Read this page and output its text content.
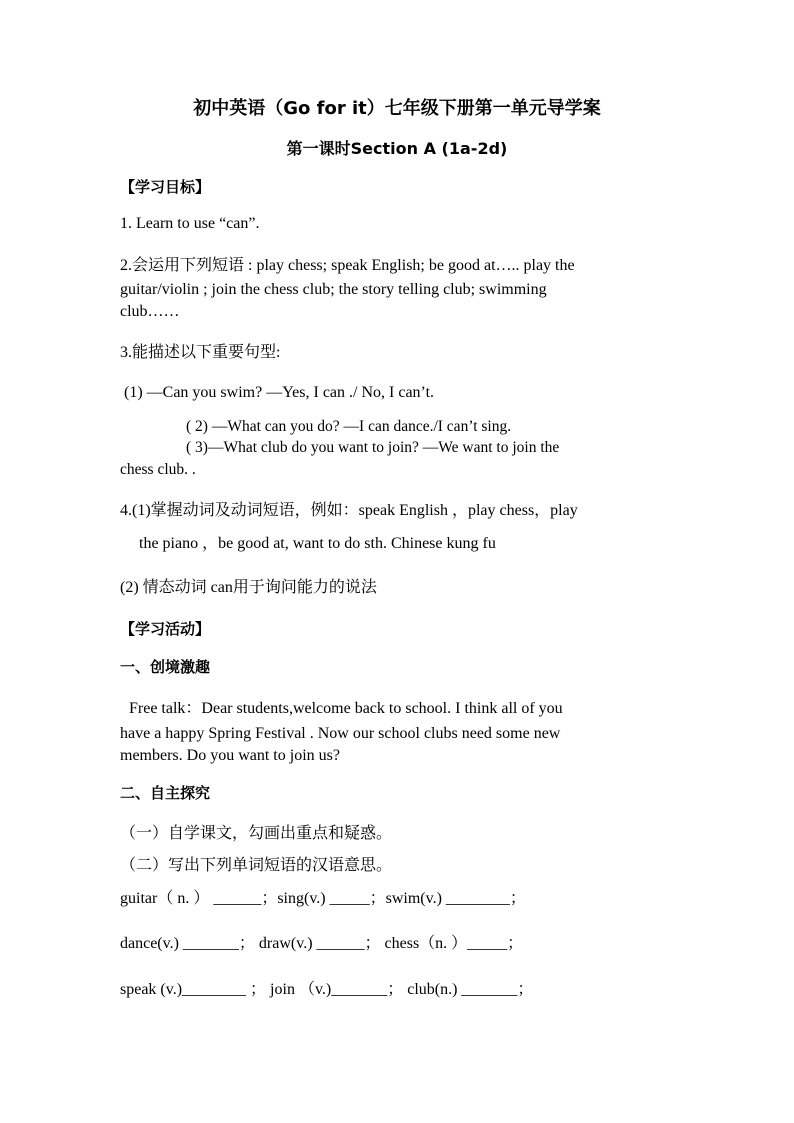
初中英语（Go for it）七年级下册第一单元导学案
第一课时Section A (1a-2d)
【学习目标】
1. Learn to use “can”.
2.会运用下列短语 : play chess; speak English; be good at….. play the
guitar/violin ; join the chess club; the story telling club; swimming
club……
3.能描述以下重要句型:
(1) —Can you swim? —Yes, I can ./ No, I can’t.
( 2) —What can you do? —I can dance./I can’t sing.
( 3)—What club do you want to join? —We want to join the
chess club. .
4.(1)掌握动词及动词短语，例如：speak English ，play chess，play
the piano ，be good at, want to do sth. Chinese kung fu
(2) 情态动词 can用于询问能力的说法
【学习活动】
一、创境激趣
Free talk：Dear students,welcome back to school. I think all of you
have a happy Spring Festival . Now our school clubs need some new
members. Do you want to join us?
二、自主探究
（一）自学课文，勾画出重点和疑惑。
（二）写出下列单词短语的汉语意思。
guitar（ n. ） ______；sing(v.) _____；swim(v.) ________；
dance(v.) _______； draw(v.) ______； chess（n. ）_____；
speak (v.)________ ； join （v.)_______； club(n.) _______；
